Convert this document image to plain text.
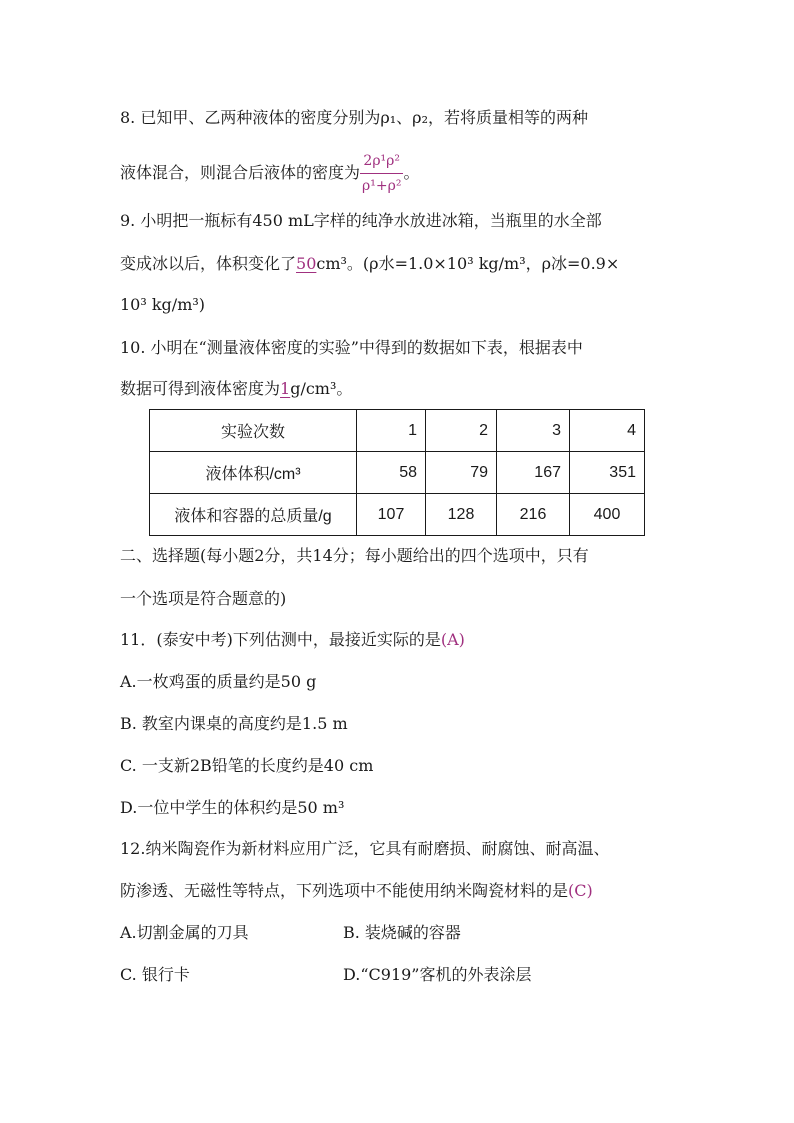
8. 已知甲、乙两种液体的密度分别为ρ₁、ρ₂，若将质量相等的两种
液体混合，则混合后液体的密度为 $\frac{\text{2ρ¹ρ²}}{\text{ρ¹+ρ²}}$ 。
9. 小明把一瓶标有450 mL字样的纯净水放进冰箱，当瓶里的水全部
变成冰以后，体积变化了50cm³。(ρ水=1.0×10³ kg/m³，ρ冰=0.9×
10³ kg/m³)
10. 小明在“测量液体密度的实验”中得到的数据如下表，根据表中
数据可得到液体密度为1g/cm³。
实验次数	1	2	3	4
液体体积/cm³	58	79	167	351
液体和容器的总质量/g	107	128	216	400
二、选择题(每小题2分，共14分；每小题给出的四个选项中，只有
一个选项是符合题意的)
11．(泰安中考)下列估测中，最接近实际的是(A)
A.一枚鸡蛋的质量约是50 g
B. 教室内课桌的高度约是1.5 m
C. 一支新2B铅笔的长度约是40 cm
D.一位中学生的体积约是50 m³
12.纳米陶瓷作为新材料应用广泛，它具有耐磨损、耐腐蚀、耐高温、
防渗透、无磁性等特点，下列选项中不能使用纳米陶瓷材料的是(C)
A.切割金属的刀具	B. 装烧碱的容器
C. 银行卡	D.“C919”客机的外表涂层
